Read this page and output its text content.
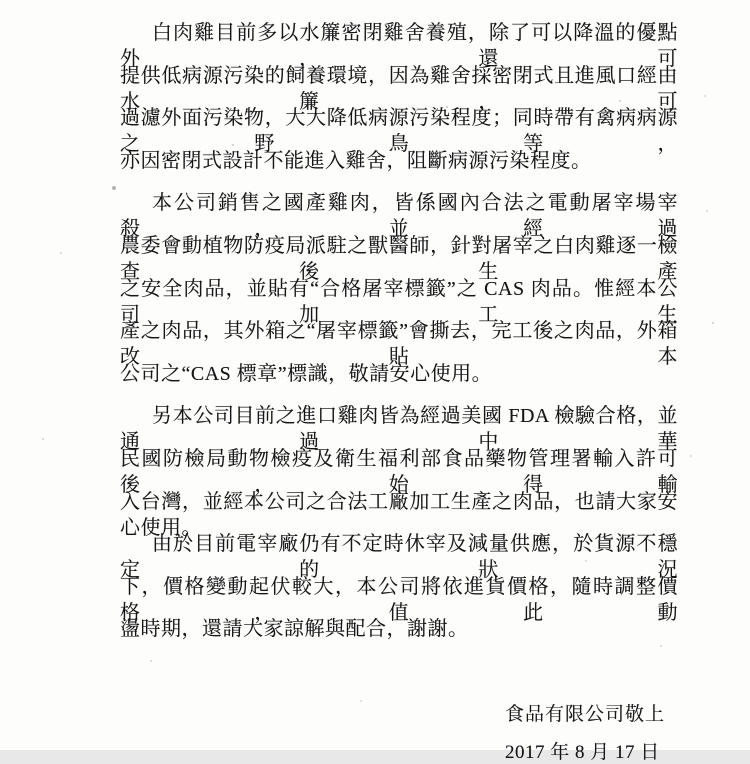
白肉雞目前多以水簾密閉雞舍養殖，除了可以降溫的優點外，還可
提供低病源污染的飼養環境，因為雞舍採密閉式且進風口經由水簾，可
過濾外面污染物，大大降低病源污染程度；同時帶有禽病病源之野鳥等，
亦因密閉式設計不能進入雞舍，阻斷病源污染程度。
本公司銷售之國產雞肉，皆係國內合法之電動屠宰場宰殺，並經過
農委會動植物防疫局派駐之獸醫師，針對屠宰之白肉雞逐一檢查後生產
之安全肉品，並貼有“合格屠宰標籤”之 CAS 肉品。惟經本公司加工生
產之肉品，其外箱之“屠宰標籤”會撕去，完工後之肉品，外箱改貼本
公司之“CAS 標章”標識，敬請安心使用。
另本公司目前之進口雞肉皆為經過美國 FDA 檢驗合格，並通過中華
民國防檢局動物檢疫及衛生福利部食品藥物管理署輸入許可後，始得輸
入台灣，並經本公司之合法工廠加工生產之肉品，也請大家安心使用。
由於目前電宰廠仍有不定時休宰及減量供應，於貨源不穩定的狀況
下，價格變動起伏較大，本公司將依進貨價格，隨時調整價格，值此動
盪時期，還請大家諒解與配合，謝謝。
食品有限公司敬上
2017 年 8 月 17 日
